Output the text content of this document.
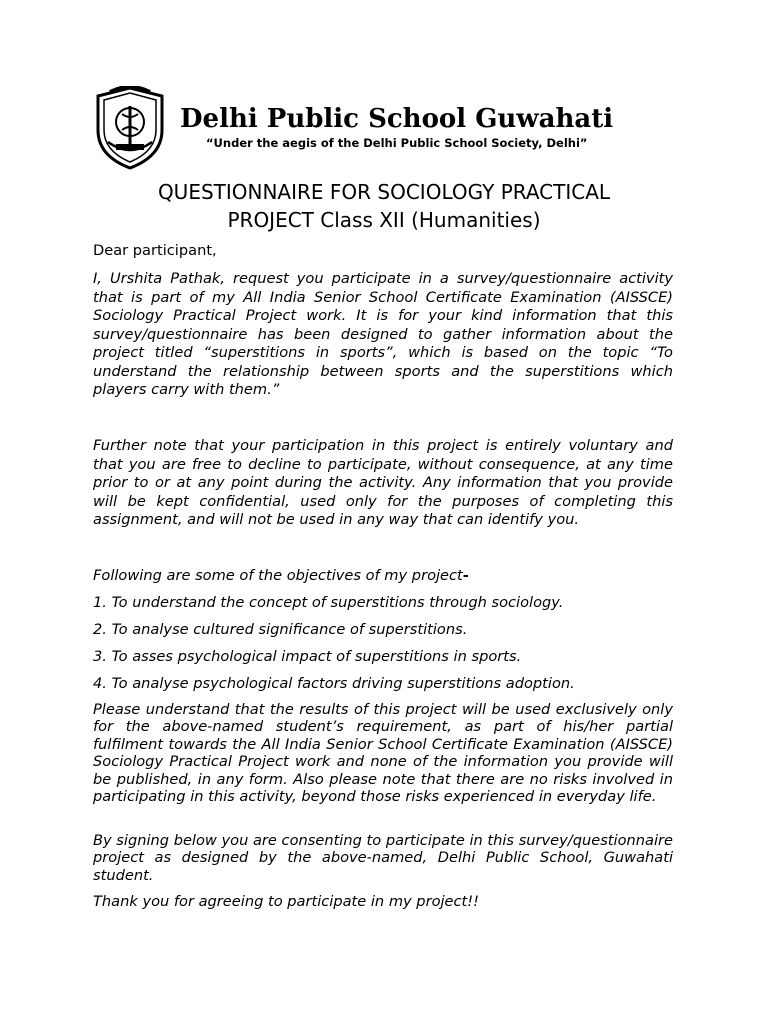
Delhi Public School Guwahati
“Under the aegis of the Delhi Public School Society, Delhi”
QUESTIONNAIRE FOR SOCIOLOGY PRACTICAL
PROJECT Class XII (Humanities)

Dear participant,

I, Urshita Pathak, request you participate in a survey/questionnaire activity that is part of my All India Senior School Certificate Examination (AISSCE) Sociology Practical Project work. It is for your kind information that this survey/questionnaire has been designed to gather information about the project titled “superstitions in sports”, which is based on the topic “To understand the relationship between sports and the superstitions which players carry with them.”

Further note that your participation in this project is entirely voluntary and that you are free to decline to participate, without consequence, at any time prior to or at any point during the activity. Any information that you provide will be kept confidential, used only for the purposes of completing this assignment, and will not be used in any way that can identify you.

Following are some of the objectives of my project-

1. To understand the concept of superstitions through sociology.

2. To analyse cultured significance of superstitions.

3. To asses psychological impact of superstitions in sports.

4. To analyse psychological factors driving superstitions adoption.

Please understand that the results of this project will be used exclusively only for the above-named student’s requirement, as part of his/her partial fulfilment towards the All India Senior School Certificate Examination (AISSCE) Sociology Practical Project work and none of the information you provide will be published, in any form. Also please note that there are no risks involved in participating in this activity, beyond those risks experienced in everyday life.

By signing below you are consenting to participate in this survey/questionnaire project as designed by the above-named, Delhi Public School, Guwahati student.

Thank you for agreeing to participate in my project!!
